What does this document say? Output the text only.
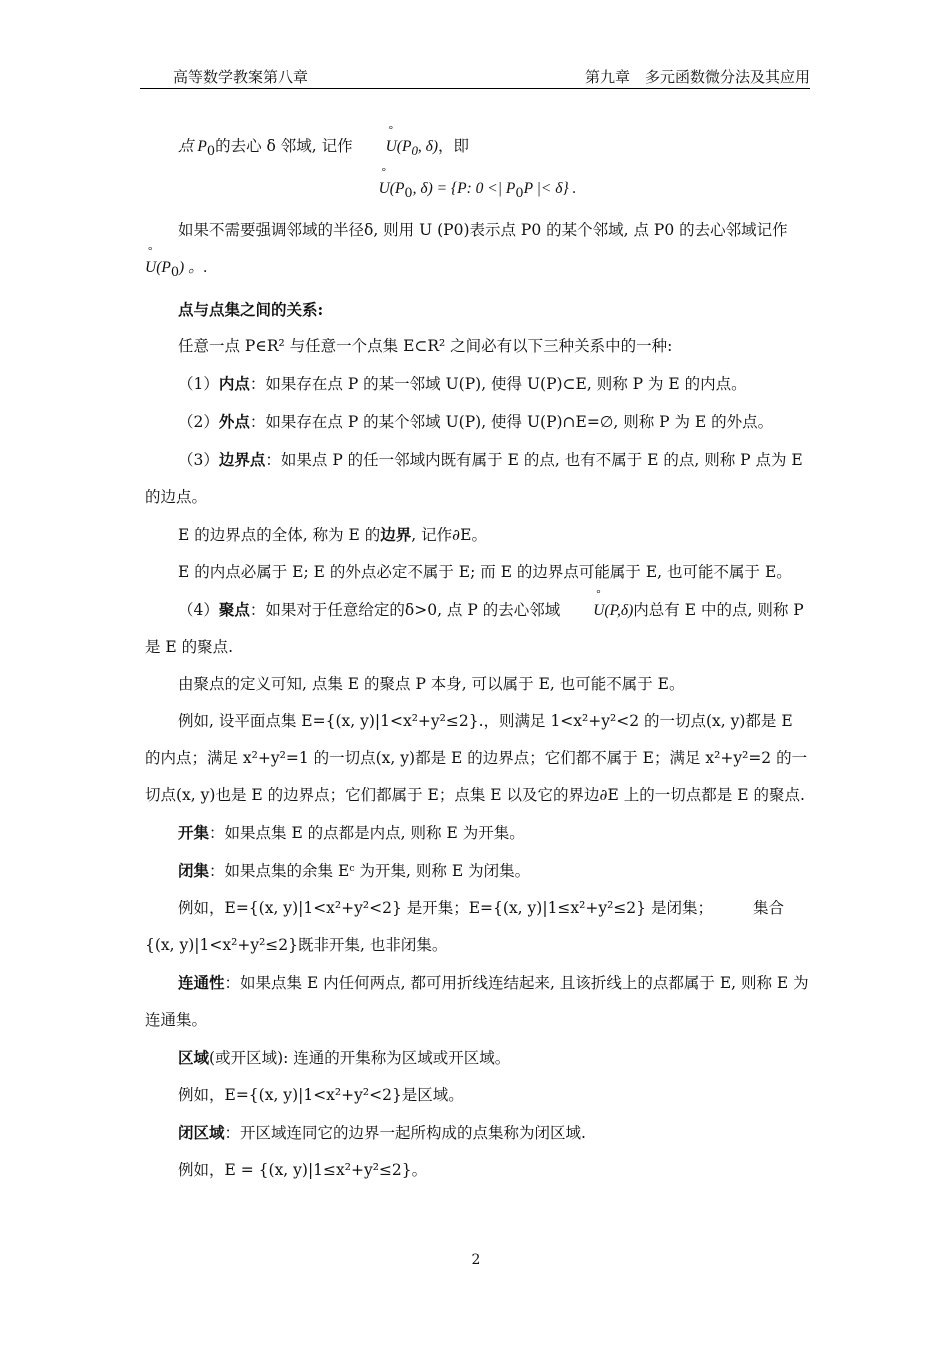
高等数学教案第八章	第九章　多元函数微分法及其应用

点 $P_0$的去心 δ 邻域, 记作 ° $U(P_0$, δ)，即

° $U(P_0$, δ) = {P: 0 <| $P_0P$ |< δ} .

如果不需要强调邻域的半径δ, 则用 U (P0)表示点 P0 的某个邻域, 点 P0 的去心邻域记作

° $U(P_0)$ 。.

点与点集之间的关系:

任意一点 P∈R² 与任意一个点集 E⊂R² 之间必有以下三种关系中的一种:

（1）内点：如果存在点 P 的某一邻域 U(P), 使得 U(P)⊂E, 则称 P 为 E 的内点。

（2）外点：如果存在点 P 的某个邻域 U(P), 使得 U(P)∩E=∅, 则称 P 为 E 的外点。

（3）边界点：如果点 P 的任一邻域内既有属于 E 的点, 也有不属于 E 的点, 则称 P 点为 E 的边点。

E 的边界点的全体, 称为 E 的边界, 记作∂E。

E 的内点必属于 E; E 的外点必定不属于 E; 而 E 的边界点可能属于 E, 也可能不属于 E。

（4）聚点：如果对于任意给定的δ>0, 点 P 的去心邻域 ° U(P,δ)内总有 E 中的点, 则称 P 是 E 的聚点.

由聚点的定义可知, 点集 E 的聚点 P 本身, 可以属于 E, 也可能不属于 E。

例如, 设平面点集 E={(x, y)|1<x²+y²≤2}.，则满足 1<x²+y²<2 的一切点(x, y)都是 E 的内点；满足 x²+y²=1 的一切点(x, y)都是 E 的边界点；它们都不属于 E；满足 x²+y²=2 的一切点(x, y)也是 E 的边界点；它们都属于 E；点集 E 以及它的界边∂E 上的一切点都是 E 的聚点.

开集：如果点集 E 的点都是内点, 则称 E 为开集。

闭集：如果点集的余集 Eᶜ 为开集, 则称 E 为闭集。

例如，E={(x, y)|1<x²+y²<2} 是开集；E={(x, y)|1≤x²+y²≤2} 是闭集；	集合 {(x, y)|1<x²+y²≤2}既非开集, 也非闭集。

连通性：如果点集 E 内任何两点, 都可用折线连结起来, 且该折线上的点都属于 E, 则称 E 为连通集。

区域(或开区域): 连通的开集称为区域或开区域。

例如，E={(x, y)|1<x²+y²<2}是区域。

闭区域：开区域连同它的边界一起所构成的点集称为闭区域.

例如，E = {(x, y)|1≤x²+y²≤2}。

2
